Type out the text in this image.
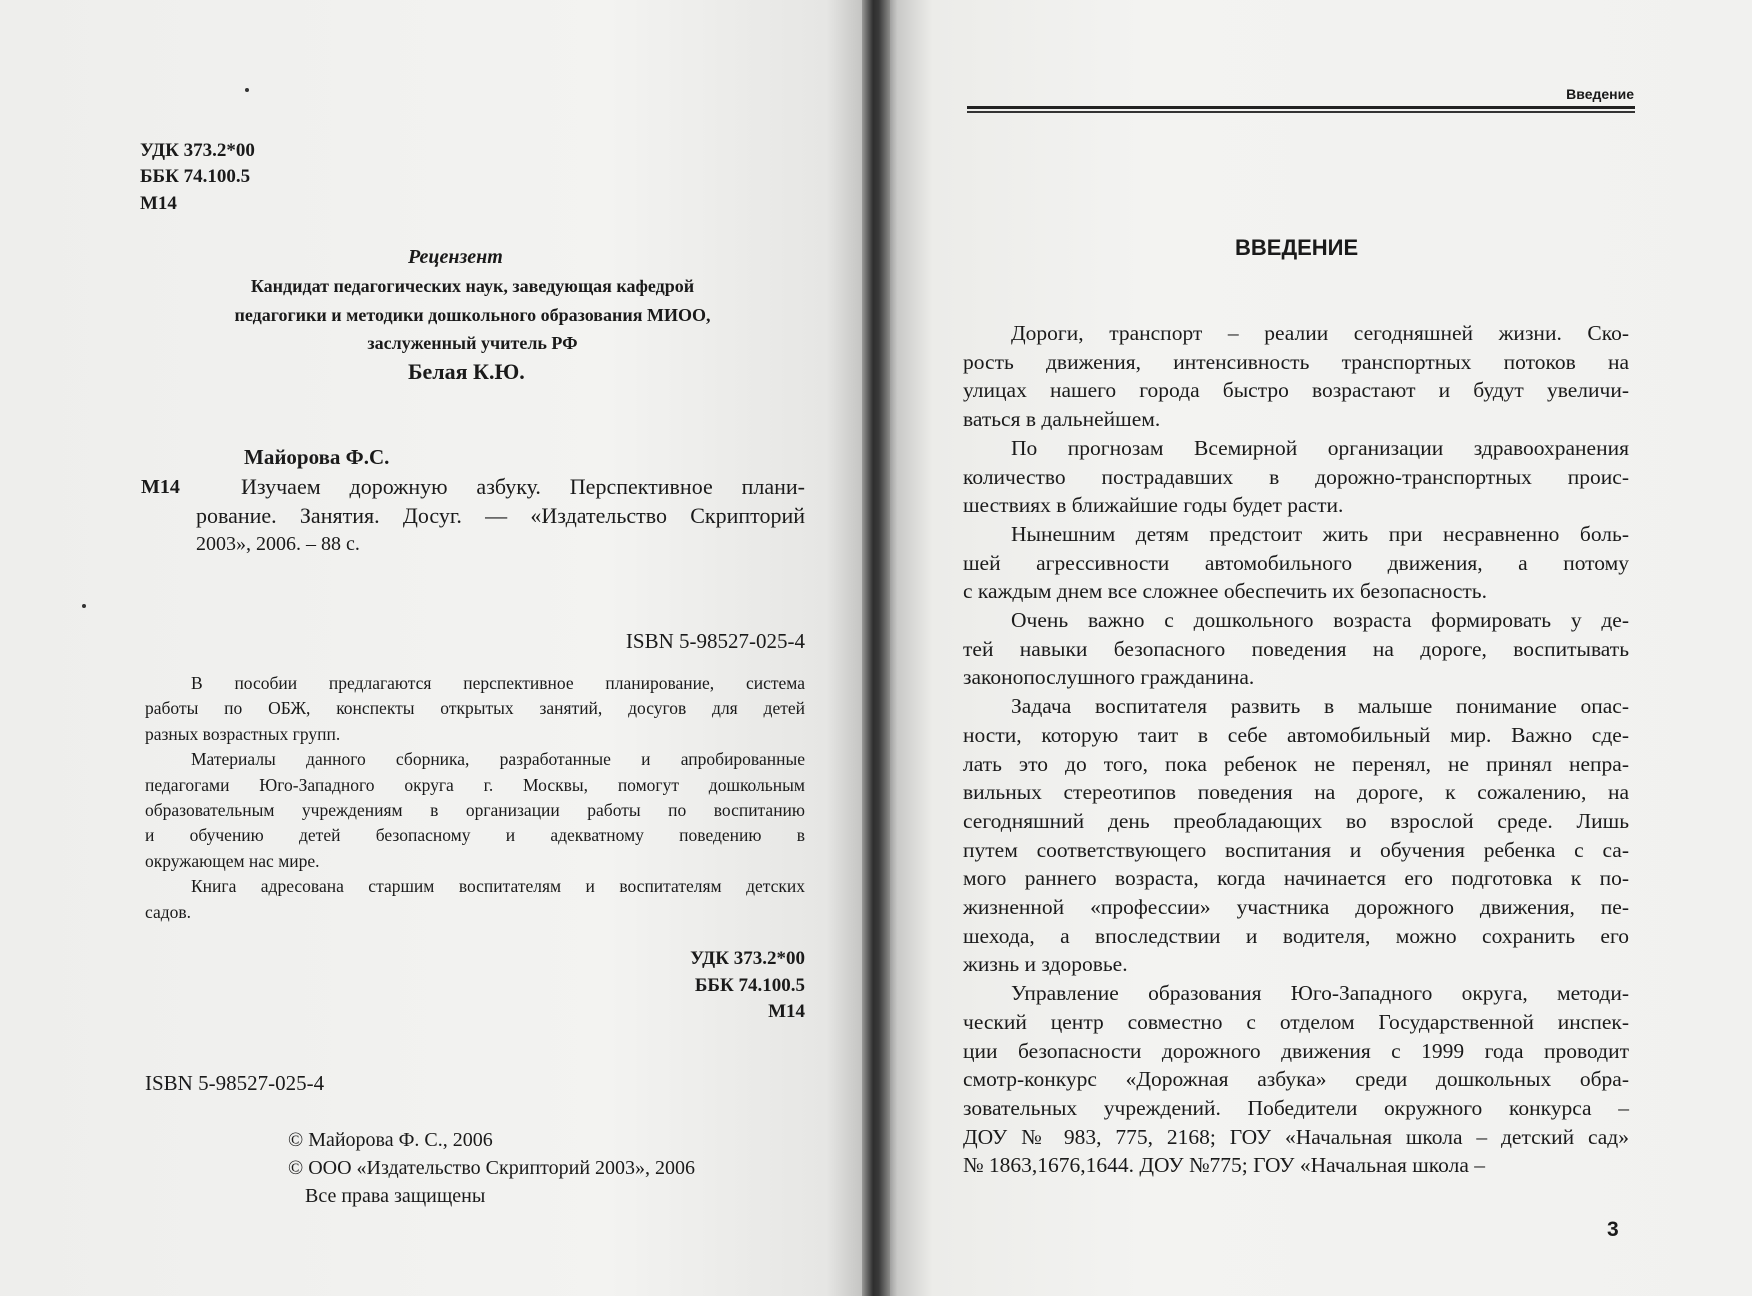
УДК 373.2*00
ББК 74.100.5
М14
Рецензент
Кандидат педагогических наук, заведующая кафедрой
педагогики и методики дошкольного образования МИОО,
заслуженный учитель РФ
Белая К.Ю.
Майорова Ф.С.
М14	Изучаем дорожную азбуку. Перспективное плани-
рование. Занятия. Досуг. — «Издательство Скрипторий
2003», 2006. – 88 с.
ISBN 5-98527-025-4
В пособии предлагаются перспективное планирование, система
работы по ОБЖ, конспекты открытых занятий, досугов для детей
разных возрастных групп.
Материалы данного сборника, разработанные и апробированные
педагогами Юго-Западного округа г. Москвы, помогут дошкольным
образовательным учреждениям в организации работы по воспитанию
и обучению детей безопасному и адекватному поведению в
окружающем нас мире.
Книга адресована старшим воспитателям и воспитателям детских
садов.
УДК 373.2*00
ББК 74.100.5
М14
ISBN 5-98527-025-4
© Майорова Ф. С., 2006
© ООО «Издательство Скрипторий 2003», 2006
Все права защищены
Введение
ВВЕДЕНИЕ
Дороги, транспорт – реалии сегодняшней жизни. Ско-
рость движения, интенсивность транспортных потоков на
улицах нашего города быстро возрастают и будут увеличи-
ваться в дальнейшем.
По прогнозам Всемирной организации здравоохранения
количество пострадавших в дорожно-транспортных проис-
шествиях в ближайшие годы будет расти.
Нынешним детям предстоит жить при несравненно боль-
шей агрессивности автомобильного движения, а потому
с каждым днем все сложнее обеспечить их безопасность.
Очень важно с дошкольного возраста формировать у де-
тей навыки безопасного поведения на дороге, воспитывать
законопослушного гражданина.
Задача воспитателя развить в малыше понимание опас-
ности, которую таит в себе автомобильный мир. Важно сде-
лать это до того, пока ребенок не перенял, не принял непра-
вильных стереотипов поведения на дороге, к сожалению, на
сегодняшний день преобладающих во взрослой среде. Лишь
путем соответствующего воспитания и обучения ребенка с са-
мого раннего возраста, когда начинается его подготовка к по-
жизненной «профессии» участника дорожного движения, пе-
шехода, а впоследствии и водителя, можно сохранить его
жизнь и здоровье.
Управление образования Юго-Западного округа, методи-
ческий центр совместно с отделом Государственной инспек-
ции безопасности дорожного движения с 1999 года проводит
смотр-конкурс «Дорожная азбука» среди дошкольных обра-
зовательных учреждений. Победители окружного конкурса –
ДОУ № 983, 775, 2168; ГОУ «Начальная школа – детский сад»
№ 1863,1676,1644. ДОУ №775; ГОУ «Начальная школа –
3
